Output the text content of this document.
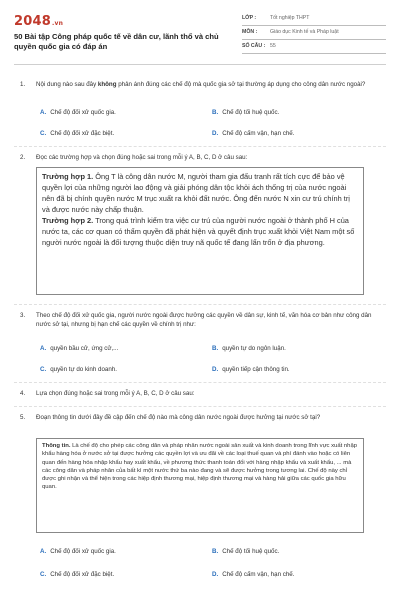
2048.vn
50 Bài tập Công pháp quốc tế về dân cư, lãnh thổ và chủ quyền quốc gia có đáp án
LỚP :	Tốt nghiệp THPT
MÔN : Giáo dục Kinh tế và Pháp luật
SỐ CÂU : 55
1. Nội dung nào sau đây không phản ánh đúng các chế độ mà quốc gia sở tại thường áp dụng cho công dân nước ngoài?
A. Chế độ đối xử quốc gia.	B. Chế độ tối huệ quốc.
C. Chế độ đối xử đặc biệt.	D. Chế độ cấm vận, hạn chế.
2. Đọc các trường hợp và chọn đúng hoặc sai trong mỗi ý A, B, C, D ở câu sau:
Trường hợp 1. Ông T là công dân nước M, người tham gia đấu tranh rất tích cực để bảo vệ quyền lợi của những người lao động và giải phóng dân tộc khỏi ách thống trị của nước ngoài nên đã bị chính quyền nước M trục xuất ra khỏi đất nước. Ông đến nước N xin cư trú chính trị và được nước này chấp thuận.
Trường hợp 2. Trong quá trình kiểm tra việc cư trú của người nước ngoài ở thành phố H của nước ta, các cơ quan có thẩm quyền đã phát hiện và quyết định trục xuất khỏi Việt Nam một số người nước ngoài là đối tượng thuộc diện truy nã quốc tế đang lẩn trốn ở địa phương.
3. Theo chế độ đối xử quốc gia, người nước ngoài được hưởng các quyền về dân sự, kinh tế, văn hóa cơ bản như công dân nước sở tại, nhưng bị hạn chế các quyền về chính trị như:
A. quyền bầu cử, ứng cử,...	B. quyền tự do ngôn luận.
C. quyền tự do kinh doanh.	D. quyền tiếp cận thông tin.
4. Lựa chọn đúng hoặc sai trong mỗi ý A, B, C, D ở câu sau:
5. Đoạn thông tin dưới đây đề cập đến chế độ nào mà công dân nước ngoài được hưởng tại nước sở tại?
Thông tin. Là chế độ cho phép các công dân và pháp nhân nước ngoài sản xuất và kinh doanh trong lĩnh vực xuất nhập khẩu hàng hóa ở nước sở tại được hưởng các quyền lợi và ưu đãi về các loại thuế quan và phí đánh vào hoặc có liên quan đến hàng hóa nhập khẩu hay xuất khẩu, về phương thức thanh toán đối với hàng nhập khẩu và xuất khẩu, ... mà các công dân và pháp nhân của bất kì một nước thứ ba nào đang và sẽ được hưởng trong tương lai. Chế độ này chỉ được ghi nhận và thể hiện trong các hiệp định thương mại, hiệp định thương mại và hàng hải giữa các quốc gia hữu quan.
A. Chế độ đối xử quốc gia.	B. Chế độ tối huệ quốc.
C. Chế độ đối xử đặc biệt.	D. Chế độ cấm vận, hạn chế.
